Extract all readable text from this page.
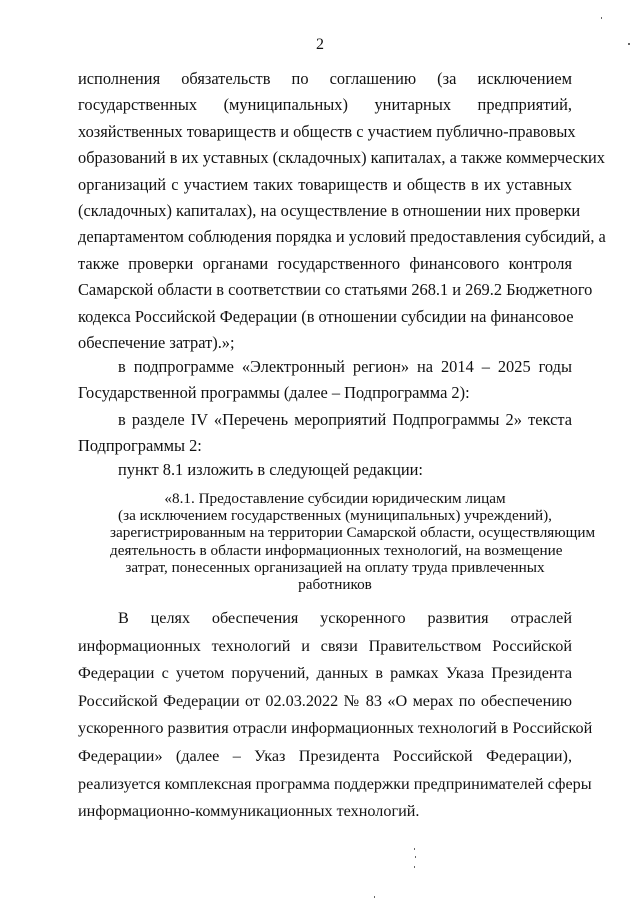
2
исполнения обязательств по соглашению (за исключением
государственных (муниципальных) унитарных предприятий,
хозяйственных товариществ и обществ с участием публично-правовых
образований в их уставных (складочных) капиталах, а также коммерческих
организаций с участием таких товариществ и обществ в их уставных
(складочных) капиталах), на осуществление в отношении них проверки
департаментом соблюдения порядка и условий предоставления субсидий, а
также проверки органами государственного финансового контроля
Самарской области в соответствии со статьями 268.1 и 269.2 Бюджетного
кодекса Российской Федерации (в отношении субсидии на финансовое
обеспечение затрат).»;
в подпрограмме «Электронный регион» на 2014 – 2025 годы
Государственной программы (далее – Подпрограмма 2):
в разделе IV «Перечень мероприятий Подпрограммы 2» текста
Подпрограммы 2:
пункт 8.1 изложить в следующей редакции:
«8.1. Предоставление субсидии юридическим лицам
(за исключением государственных (муниципальных) учреждений),
зарегистрированным на территории Самарской области, осуществляющим
деятельность в области информационных технологий, на возмещение
затрат, понесенных организацией на оплату труда привлеченных
работников
В целях обеспечения ускоренного развития отраслей
информационных технологий и связи Правительством Российской
Федерации с учетом поручений, данных в рамках Указа Президента
Российской Федерации от 02.03.2022 № 83 «О мерах по обеспечению
ускоренного развития отрасли информационных технологий в Российской
Федерации» (далее – Указ Президента Российской Федерации),
реализуется комплексная программа поддержки предпринимателей сферы
информационно-коммуникационных технологий.
